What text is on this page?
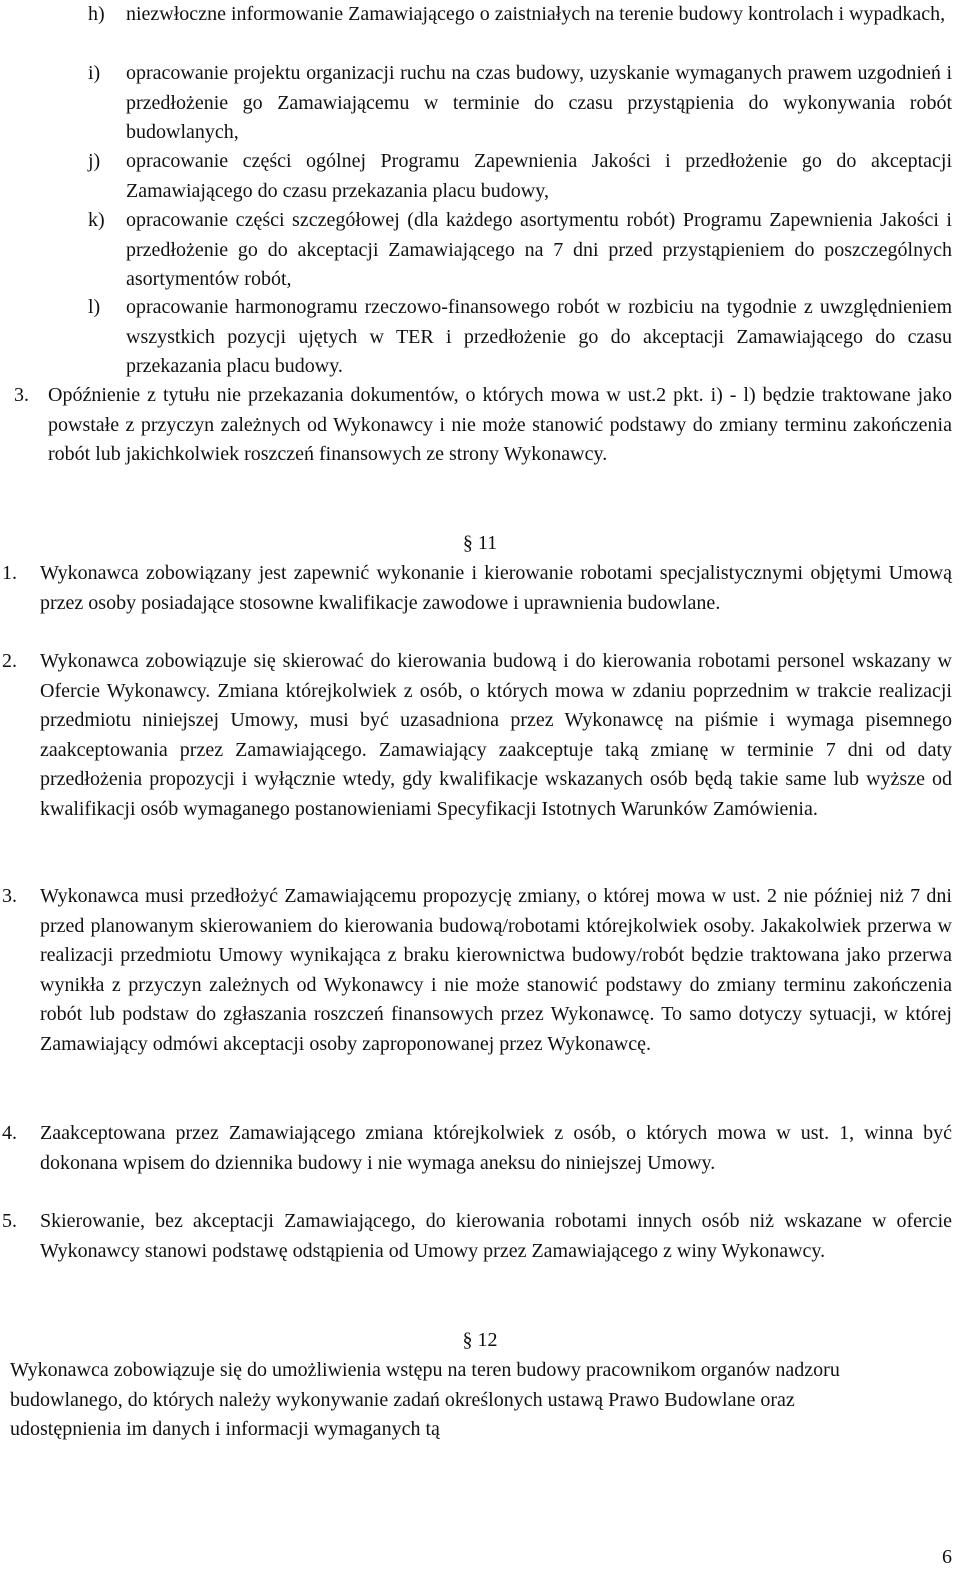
h)	niezwłoczne informowanie Zamawiającego o zaistniałych na terenie budowy kontrolach i wypadkach,
i)	opracowanie projektu organizacji ruchu na czas budowy, uzyskanie wymaganych prawem uzgodnień i przedłożenie go Zamawiającemu w terminie do czasu przystąpienia do wykonywania robót budowlanych,
j)	opracowanie części ogólnej Programu Zapewnienia Jakości i przedłożenie go do akceptacji Zamawiającego do czasu przekazania placu budowy,
k)	opracowanie części szczegółowej (dla każdego asortymentu robót) Programu Zapewnienia Jakości i przedłożenie go do akceptacji Zamawiającego na 7 dni przed przystąpieniem do poszczególnych asortymentów robót,
l)	opracowanie harmonogramu rzeczowo-finansowego robót w rozbiciu na tygodnie z uwzględnieniem wszystkich pozycji ujętych w TER i przedłożenie go do akceptacji Zamawiającego do czasu przekazania placu budowy.
3. Opóźnienie z tytułu nie przekazania dokumentów, o których mowa w ust.2 pkt. i) - l) będzie traktowane jako powstałe z przyczyn zależnych od Wykonawcy i nie może stanowić podstawy do zmiany terminu zakończenia robót lub jakichkolwiek roszczeń finansowych ze strony Wykonawcy.
§ 11
1.	Wykonawca zobowiązany jest zapewnić wykonanie i kierowanie robotami specjalistycznymi objętymi Umową przez osoby posiadające stosowne kwalifikacje zawodowe i uprawnienia budowlane.
2.	Wykonawca zobowiązuje się skierować do kierowania budową i do kierowania robotami personel wskazany w Ofercie Wykonawcy. Zmiana którejkolwiek z osób, o których mowa w zdaniu poprzednim w trakcie realizacji przedmiotu niniejszej Umowy, musi być uzasadniona przez Wykonawcę na piśmie i wymaga pisemnego zaakceptowania przez Zamawiającego. Zamawiający zaakceptuje taką zmianę w terminie 7 dni od daty przedłożenia propozycji i wyłącznie wtedy, gdy kwalifikacje wskazanych osób będą takie same lub wyższe od kwalifikacji osób wymaganego postanowieniami Specyfikacji Istotnych Warunków Zamówienia.
3.	Wykonawca musi przedłożyć Zamawiającemu propozycję zmiany, o której mowa w ust. 2 nie później niż 7 dni przed planowanym skierowaniem do kierowania budową/robotami którejkolwiek osoby. Jakakolwiek przerwa w realizacji przedmiotu Umowy wynikająca z braku kierownictwa budowy/robót będzie traktowana jako przerwa wynikła z przyczyn zależnych od Wykonawcy i nie może stanowić podstawy do zmiany terminu zakończenia robót lub podstaw do zgłaszania roszczeń finansowych przez Wykonawcę. To samo dotyczy sytuacji, w której Zamawiający odmówi akceptacji osoby zaproponowanej przez Wykonawcę.
4.	Zaakceptowana przez Zamawiającego zmiana którejkolwiek z osób, o których mowa w ust. 1, winna być dokonana wpisem do dziennika budowy i nie wymaga aneksu do niniejszej Umowy.
5.	Skierowanie, bez akceptacji Zamawiającego, do kierowania robotami innych osób niż wskazane w ofercie Wykonawcy stanowi podstawę odstąpienia od Umowy przez Zamawiającego z winy Wykonawcy.
§ 12
Wykonawca zobowiązuje się do umożliwienia wstępu na teren budowy pracownikom organów nadzoru budowlanego, do których należy wykonywanie zadań określonych ustawą Prawo Budowlane oraz udostępnienia im danych i informacji wymaganych tą
6
